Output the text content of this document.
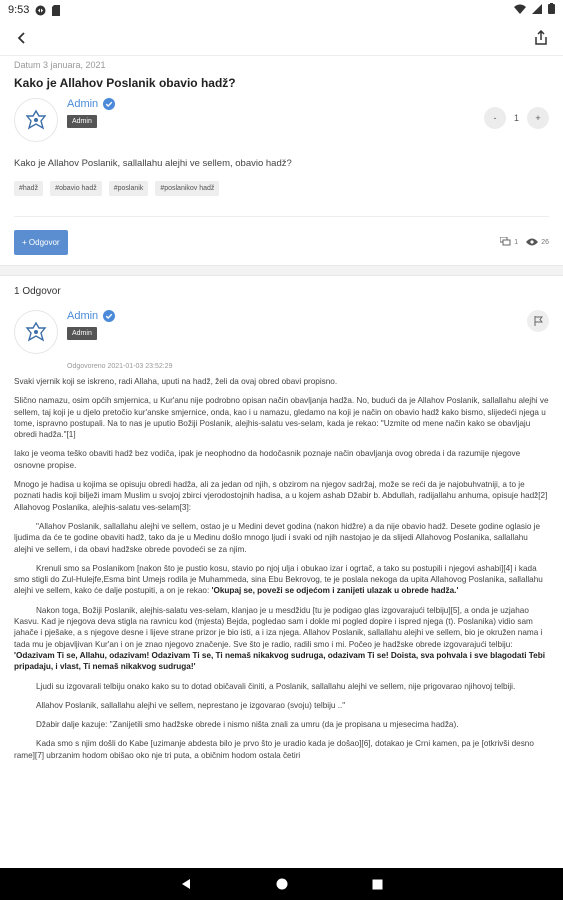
9:53
Datum 3 januara, 2021
Kako je Allahov Poslanik obavio hadž?
Admin
Admin	-	1	+
Kako je Allahov Poslanik, sallallahu alejhi ve sellem, obavio hadž?
#hadž	#obavio hadž	#poslanik	#poslanikov hadž
+ Odgovor	1	26
1 Odgovor
Admin
Admin
Odgovoreno 2021-01-03 23:52:29

Svaki vjernik koji se iskreno, radi Allaha, uputi na hadž, želi da ovaj obred obavi propisno.

Slično namazu, osim općih smjernica, u Kur'anu nije podrobno opisan način obavljanja hadža. No, budući da je Allahov Poslanik, sallallahu alejhi ve sellem, taj koji je u djelo pretočio kur'anske smjernice, onda, kao i u namazu, gledamo na koji je način on obavio hadž kako bismo, slijedeći njega u tome, ispravno postupali. Na to nas je uputio Božiji Poslanik, alejhis-salatu ves-selam, kada je rekao: "Uzmite od mene način kako se obavljaju obredi hadža."[1]

Iako je veoma teško obaviti hadž bez vodiča, ipak je neophodno da hodočasnik poznaje način obavljanja ovog obreda i da razumije njegove osnovne propise.

Mnogo je hadisa u kojima se opisuju obredi hadža, ali za jedan od njih, s obzirom na njegov sadržaj, može se reći da je najobuhvatniji, a to je poznati hadis koji bilježi imam Muslim u svojoj zbirci vjerodostojnih hadisa, a u kojem ashab Džabir b. Abdullah, radijallahu anhuma, opisuje hadž[2] Allahovog Poslanika, alejhis-salatu ves-selam[3]:

"Allahov Poslanik, sallallahu alejhi ve sellem, ostao je u Medini devet godina (nakon hidžre) a da nije obavio hadž. Desete godine oglasio je ljudima da će te godine obaviti hadž, tako da je u Medinu došlo mnogo ljudi i svaki od njih nastojao je da slijedi Allahovog Poslanika, sallallahu alejhi ve sellem, i da obavi hadžske obrede povodeći se za njim.

Krenuli smo sa Poslanikom [nakon što je pustio kosu, stavio po njoj ulja i obukao izar i ogrtač, a tako su postupili i njegovi ashabi][4] i kada smo stigli do Zul-Hulejfe,Esma bint Umejs rodila je Muhammeda, sina Ebu Bekrovog, te je poslala nekoga da upita Allahovog Poslanika, sallallahu alejhi ve sellem, kako će dalje postupiti, a on je rekao: 'Okupaj se, poveži se odjećom i zanijeti ulazak u obrede hadža.'

Nakon toga, Božiji Poslanik, alejhis-salatu ves-selam, klanjao je u mesdžidu [tu je podigao glas izgovarajući telbiju][5], a onda je uzjahao Kasvu. Kad je njegova deva stigla na ravnicu kod (mjesta) Bejda, pogledao sam i dokle mi pogled dopire i ispred njega (t). Poslanika) vidio sam jahače i pješake, a s njegove desne i lijeve strane prizor je bio isti, a i iza njega. Allahov Poslanik, sallallahu alejhi ve sellem, bio je okružen nama i tada mu je objavljivan Kur'an i on je znao njegovo značenje. Sve što je radio, radili smo i mi. Počeo je hadžske obrede izgovarajući telbiju: 'Odazivam Ti se, Allahu, odazivam! Odazivam Ti se, Ti nemaš nikakvog sudruga, odazivam Ti se! Doista, sva pohvala i sve blagodati Tebi pripadaju, i vlast, Ti nemaš nikakvog sudruga!'

Ljudi su izgovarali telbiju onako kako su to dotad običavali činiti, a Poslanik, sallallahu alejhi ve sellem, nije prigovarao njihovoj telbiji.

Allahov Poslanik, sallallahu alejhi ve sellem, neprestano je izgovarao (svoju) telbiju .."

Džabir dalje kazuje: "Zanijetili smo hadžske obrede i nismo ništa znali za umru (da je propisana u mjesecima hadža).

Kada smo s njim došli do Kabe [uzimanje abdesta bilo je prvo što je uradio kada je došao][6], dotakao je Crni kamen, pa je [otkrivši desno rame][7] ubrzanim hodom obišao oko nje tri puta, a običnim hodom ostala četiri
